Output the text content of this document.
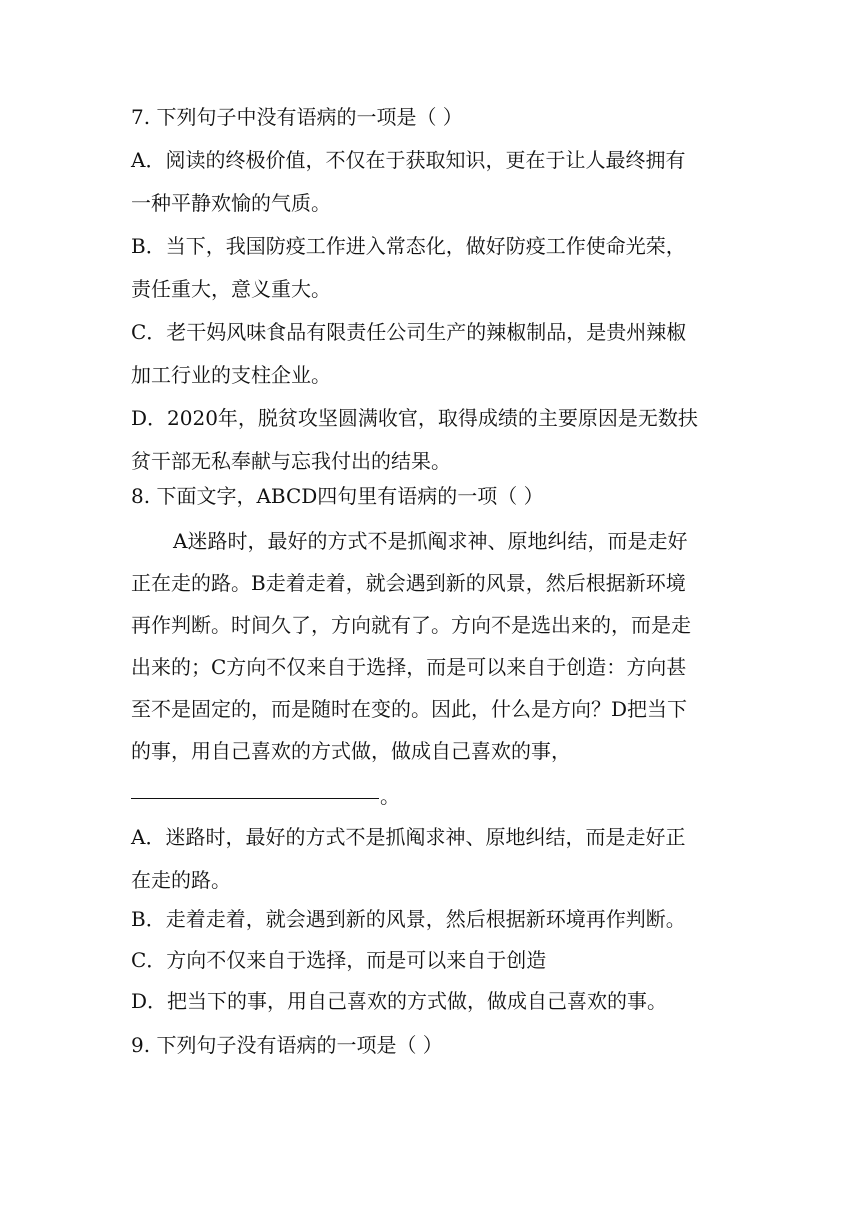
7. 下列句子中没有语病的一项是（ ）
A．阅读的终极价值，不仅在于获取知识，更在于让人最终拥有
一种平静欢愉的气质。
B．当下，我国防疫工作进入常态化，做好防疫工作使命光荣，
责任重大，意义重大。
C．老干妈风味食品有限责任公司生产的辣椒制品，是贵州辣椒
加工行业的支柱企业。
D．2020年，脱贫攻坚圆满收官，取得成绩的主要原因是无数扶
贫干部无私奉献与忘我付出的结果。
8. 下面文字，ABCD四句里有语病的一项（ ）
A迷路时，最好的方式不是抓阄求神、原地纠结，而是走好
正在走的路。B走着走着，就会遇到新的风景，然后根据新环境
再作判断。时间久了，方向就有了。方向不是选出来的，而是走
出来的；C方向不仅来自于选择，而是可以来自于创造：方向甚
至不是固定的，而是随时在变的。因此，什么是方向？D把当下
的事，用自己喜欢的方式做，做成自己喜欢的事，
。
A．迷路时，最好的方式不是抓阄求神、原地纠结，而是走好正
在走的路。
B．走着走着，就会遇到新的风景，然后根据新环境再作判断。
C．方向不仅来自于选择，而是可以来自于创造
D．把当下的事，用自己喜欢的方式做，做成自己喜欢的事。
9. 下列句子没有语病的一项是（ ）
